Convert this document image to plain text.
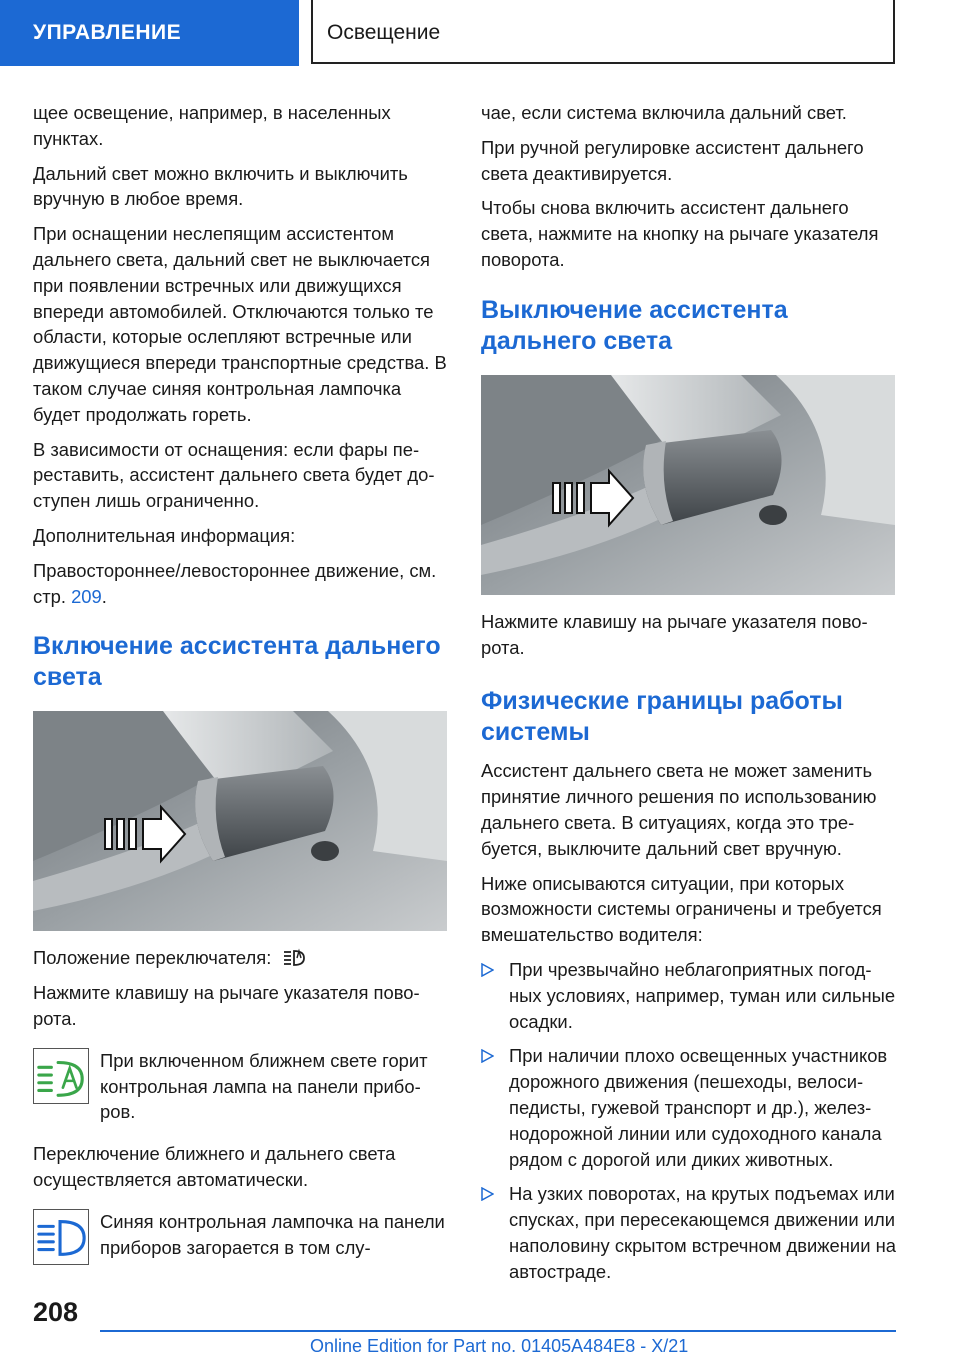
УПРАВЛЕНИЕ	Освещение

щее освещение, например, в населенных пунктах.

Дальний свет можно включить и выключить вручную в любое время.

При оснащении неслепящим ассистентом дальнего света, дальний свет не выключается при появлении встречных или движущихся впереди автомобилей. Отключаются только те области, которые ослепляют встречные или движущиеся впереди транспортные средства. В таком случае синяя контрольная лампочка будет продолжать гореть.

В зависимости от оснащения: если фары переставить, ассистент дальнего света будет доступен лишь ограниченно.

Дополнительная информация:

Правостороннее/левостороннее движение, см. стр. 209.

Включение ассистента дальнего света

Положение переключателя:

Нажмите клавишу на рычаге указателя поворота.

При включенном ближнем свете горит контрольная лампа на панели приборов.

Переключение ближнего и дальнего света осуществляется автоматически.

Синяя контрольная лампочка на панели приборов загорается в том слу-

чае, если система включила дальний свет.

При ручной регулировке ассистент дальнего света деактивируется.

Чтобы снова включить ассистент дальнего света, нажмите на кнопку на рычаге указателя поворота.

Выключение ассистента дальнего света

Нажмите клавишу на рычаге указателя поворота.

Физические границы работы системы

Ассистент дальнего света не может заменить принятие личного решения по использованию дальнего света. В ситуациях, когда это требуется, выключите дальний свет вручную.

Ниже описываются ситуации, при которых возможности системы ограничены и требуется вмешательство водителя:

При чрезвычайно неблагоприятных погодных условиях, например, туман или сильные осадки.
При наличии плохо освещенных участников дорожного движения (пешеходы, велосипедисты, гужевой транспорт и др.), железнодорожной линии или судоходного канала рядом с дорогой или диких животных.
На узких поворотах, на крутых подъемах или спусках, при пересекающемся движении или наполовину скрытом встречном движении на автостраде.
208
Online Edition for Part no. 01405A484E8 - X/21
